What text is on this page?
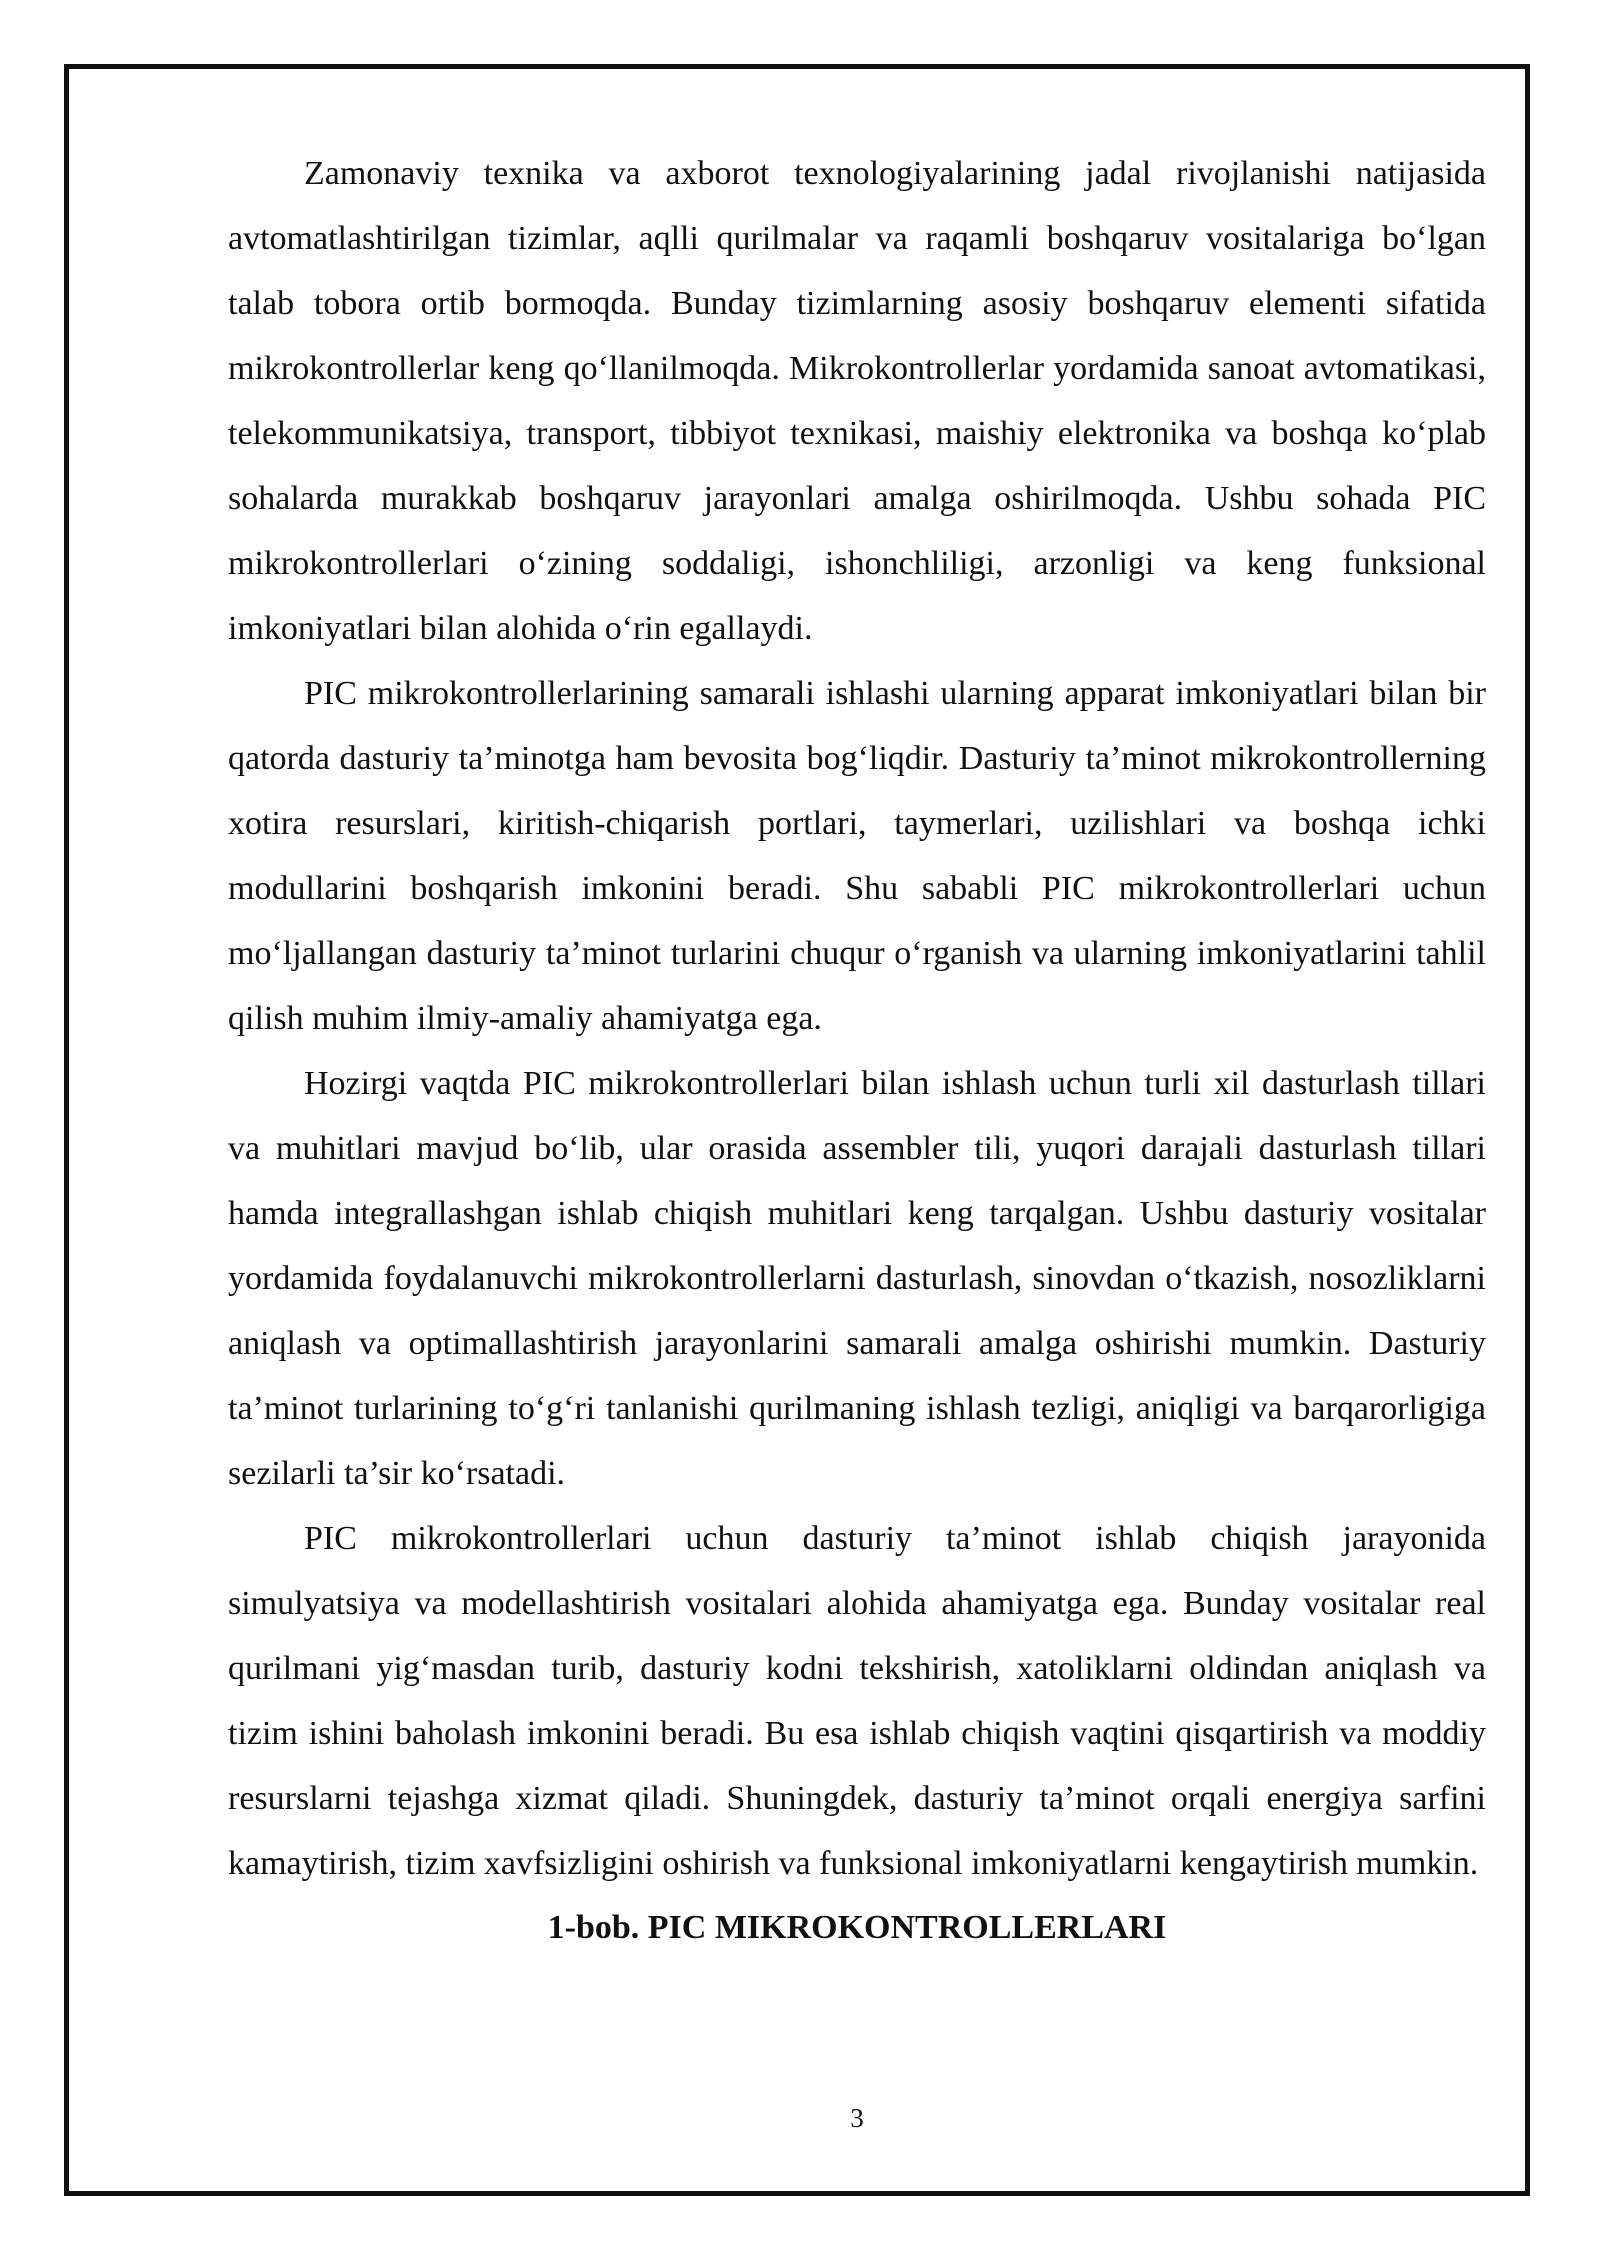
Zamonaviy texnika va axborot texnologiyalarining jadal rivojlanishi natijasida avtomatlashtirilgan tizimlar, aqlli qurilmalar va raqamli boshqaruv vositalariga bo‘lgan talab tobora ortib bormoqda. Bunday tizimlarning asosiy boshqaruv elementi sifatida mikrokontrollerlar keng qo‘llanilmoqda. Mikrokontrollerlar yordamida sanoat avtomatikasi, telekommunikatsiya, transport, tibbiyot texnikasi, maishiy elektronika va boshqa ko‘plab sohalarda murakkab boshqaruv jarayonlari amalga oshirilmoqda. Ushbu sohada PIC mikrokontrollerlari o‘zining soddaligi, ishonchliligi, arzonligi va keng funksional imkoniyatlari bilan alohida o‘rin egallaydi.

PIC mikrokontrollerlarining samarali ishlashi ularning apparat imkoniyatlari bilan bir qatorda dasturiy ta’minotga ham bevosita bog‘liqdir. Dasturiy ta’minot mikrokontrollerning xotira resurslari, kiritish-chiqarish portlari, taymerlari, uzilishlari va boshqa ichki modullarini boshqarish imkonini beradi. Shu sababli PIC mikrokontrollerlari uchun mo‘ljallangan dasturiy ta’minot turlarini chuqur o‘rganish va ularning imkoniyatlarini tahlil qilish muhim ilmiy-amaliy ahamiyatga ega.

Hozirgi vaqtda PIC mikrokontrollerlari bilan ishlash uchun turli xil dasturlash tillari va muhitlari mavjud bo‘lib, ular orasida assembler tili, yuqori darajali dasturlash tillari hamda integrallashgan ishlab chiqish muhitlari keng tarqalgan. Ushbu dasturiy vositalar yordamida foydalanuvchi mikrokontrollerlarni dasturlash, sinovdan o‘tkazish, nosozliklarni aniqlash va optimallashtirish jarayonlarini samarali amalga oshirishi mumkin. Dasturiy ta’minot turlarining to‘g‘ri tanlanishi qurilmaning ishlash tezligi, aniqligi va barqarorligiga sezilarli ta’sir ko‘rsatadi.

PIC mikrokontrollerlari uchun dasturiy ta’minot ishlab chiqish jarayonida simulyatsiya va modellashtirish vositalari alohida ahamiyatga ega. Bunday vositalar real qurilmani yig‘masdan turib, dasturiy kodni tekshirish, xatoliklarni oldindan aniqlash va tizim ishini baholash imkonini beradi. Bu esa ishlab chiqish vaqtini qisqartirish va moddiy resurslarni tejashga xizmat qiladi. Shuningdek, dasturiy ta’minot orqali energiya sarfini kamaytirish, tizim xavfsizligini oshirish va funksional imkoniyatlarni kengaytirish mumkin.

1-bob. PIC MIKROKONTROLLERLARI
3
